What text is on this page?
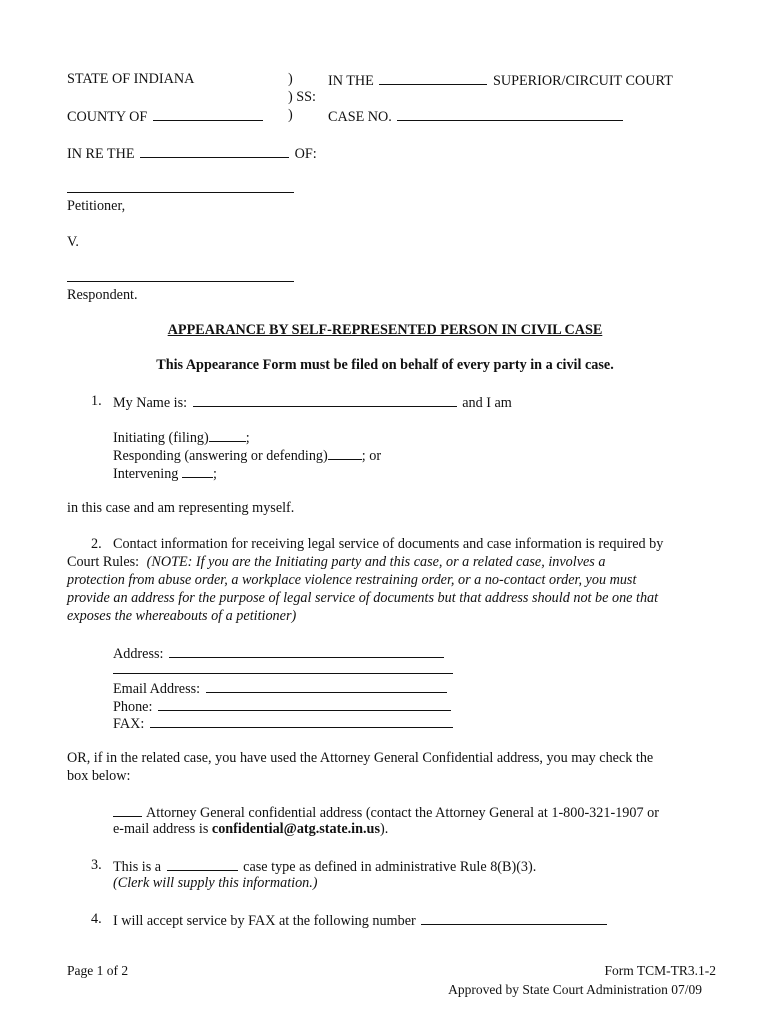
STATE OF INDIANA	) IN THE	SUPERIOR/CIRCUIT COURT
) SS:
COUNTY OF	) CASE NO.
IN RE THE	OF:
Petitioner,
V.
Respondent.
APPEARANCE BY SELF-REPRESENTED PERSON IN CIVIL CASE
This Appearance Form must be filed on behalf of every party in a civil case.
1. My Name is:	and I am
Initiating (filing)	;
Responding (answering or defending) ; or
Intervening ;
in this case and am representing myself.
2. Contact information for receiving legal service of documents and case information is required by
Court Rules: (NOTE: If you are the Initiating party and this case, or a related case, involves a
protection from abuse order, a workplace violence restraining order, or a no-contact order, you must
provide an address for the purpose of legal service of documents but that address should not be one that
exposes the whereabouts of a petitioner)
Address:
Email Address:
Phone:
FAX:
OR, if in the related case, you have used the Attorney General Confidential address, you may check the
box below:
Attorney General confidential address (contact the Attorney General at 1-800-321-1907 or
e-mail address is confidential@atg.state.in.us).
3. This is a	case type as defined in administrative Rule 8(B)(3).
(Clerk will supply this information.)
4. I will accept service by FAX at the following number
Page 1 of 2	Form TCM-TR3.1-2
Approved by State Court Administration 07/09
